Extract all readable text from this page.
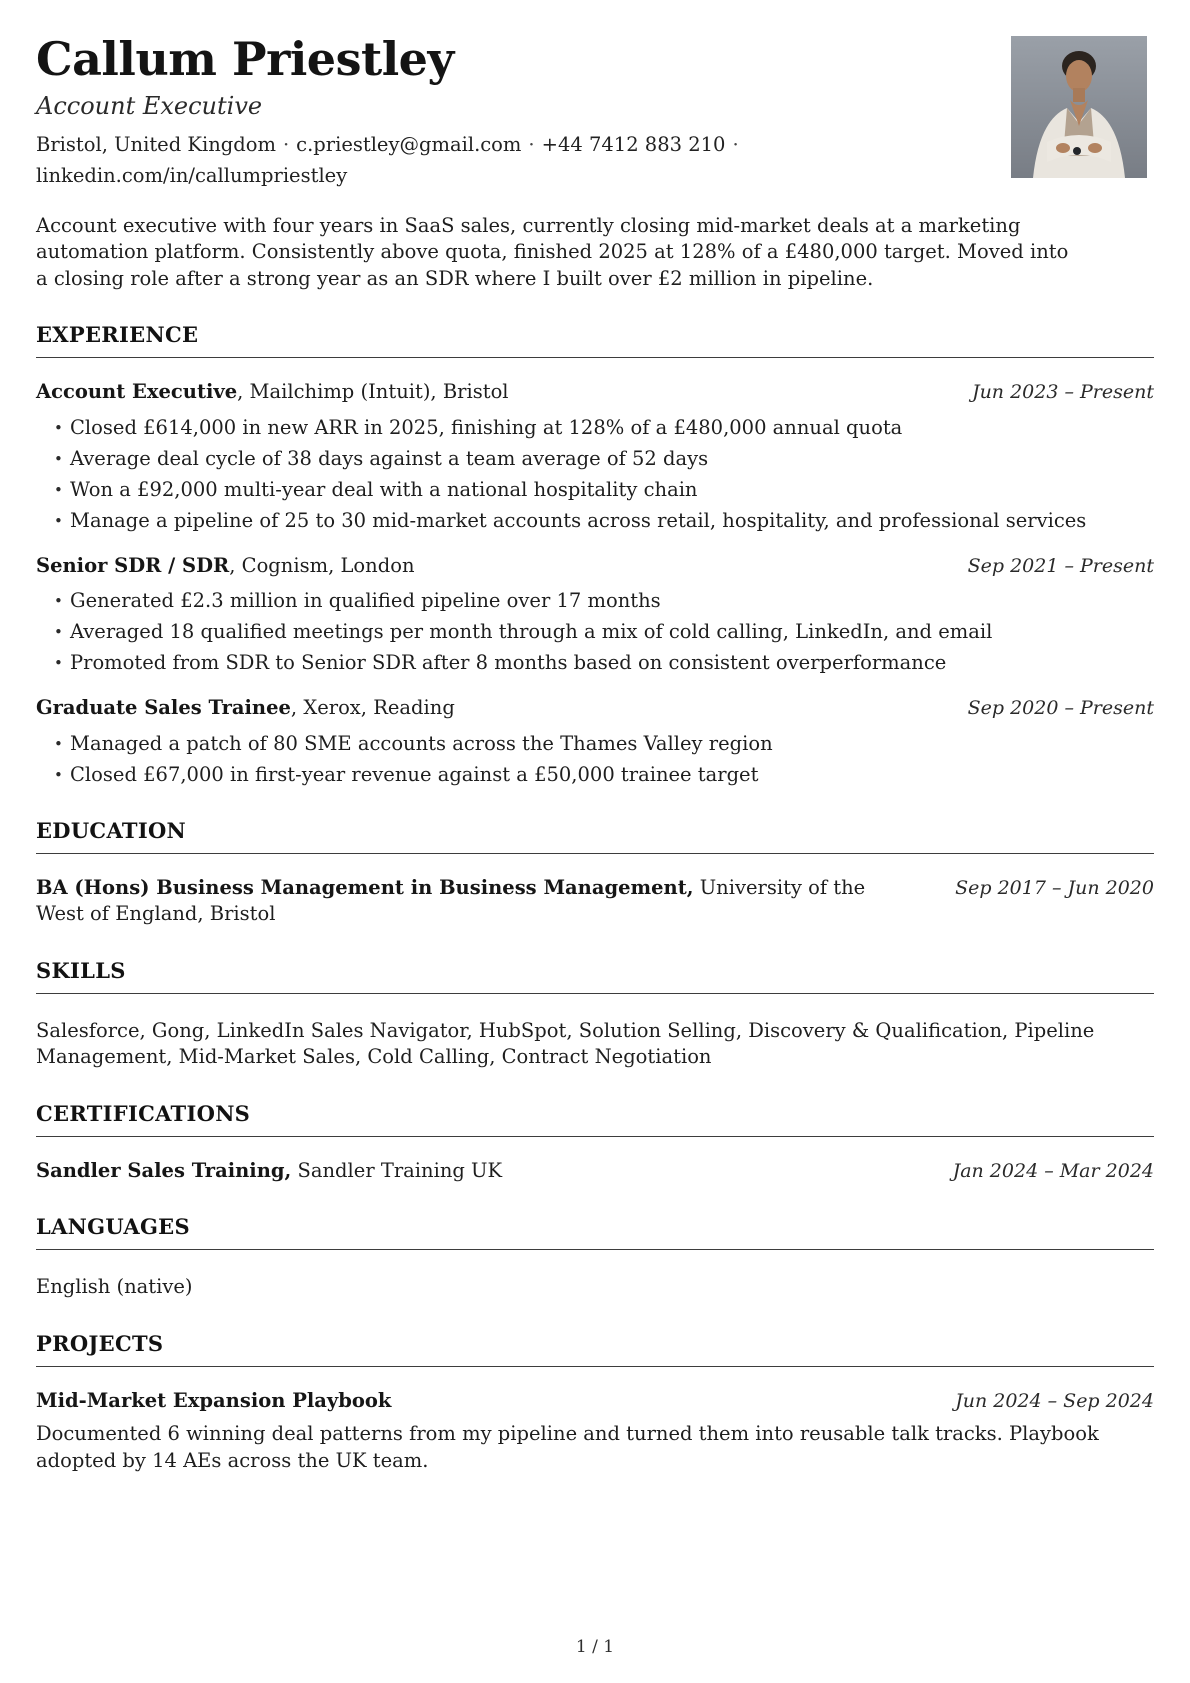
Callum Priestley

Account Executive

Bristol, United Kingdom · c.priestley@gmail.com · +44 7412 883 210 ·
linkedin.com/in/callumpriestley

Account executive with four years in SaaS sales, currently closing mid-market deals at a marketing automation platform. Consistently above quota, finished 2025 at 128% of a £480,000 target. Moved into a closing role after a strong year as an SDR where I built over £2 million in pipeline.

EXPERIENCE

Account Executive, Mailchimp (Intuit), Bristol	Jun 2023 – Present
• Closed £614,000 in new ARR in 2025, finishing at 128% of a £480,000 annual quota
• Average deal cycle of 38 days against a team average of 52 days
• Won a £92,000 multi-year deal with a national hospitality chain
• Manage a pipeline of 25 to 30 mid-market accounts across retail, hospitality, and professional services

Senior SDR / SDR, Cognism, London	Sep 2021 – Present
• Generated £2.3 million in qualified pipeline over 17 months
• Averaged 18 qualified meetings per month through a mix of cold calling, LinkedIn, and email
• Promoted from SDR to Senior SDR after 8 months based on consistent overperformance

Graduate Sales Trainee, Xerox, Reading	Sep 2020 – Present
• Managed a patch of 80 SME accounts across the Thames Valley region
• Closed £67,000 in first-year revenue against a £50,000 trainee target
EDUCATION

BA (Hons) Business Management in Business Management, University of the West of England, Bristol

Sep 2017 – Jun 2020
SKILLS

Salesforce, Gong, LinkedIn Sales Navigator, HubSpot, Solution Selling, Discovery & Qualification, Pipeline Management, Mid-Market Sales, Cold Calling, Contract Negotiation

CERTIFICATIONS

Sandler Sales Training, Sandler Training UK	Jan 2024 – Mar 2024
LANGUAGES

English (native)

PROJECTS

Mid-Market Expansion Playbook	Jun 2024 – Sep 2024

Documented 6 winning deal patterns from my pipeline and turned them into reusable talk tracks. Playbook adopted by 14 AEs across the UK team.

1 / 1
